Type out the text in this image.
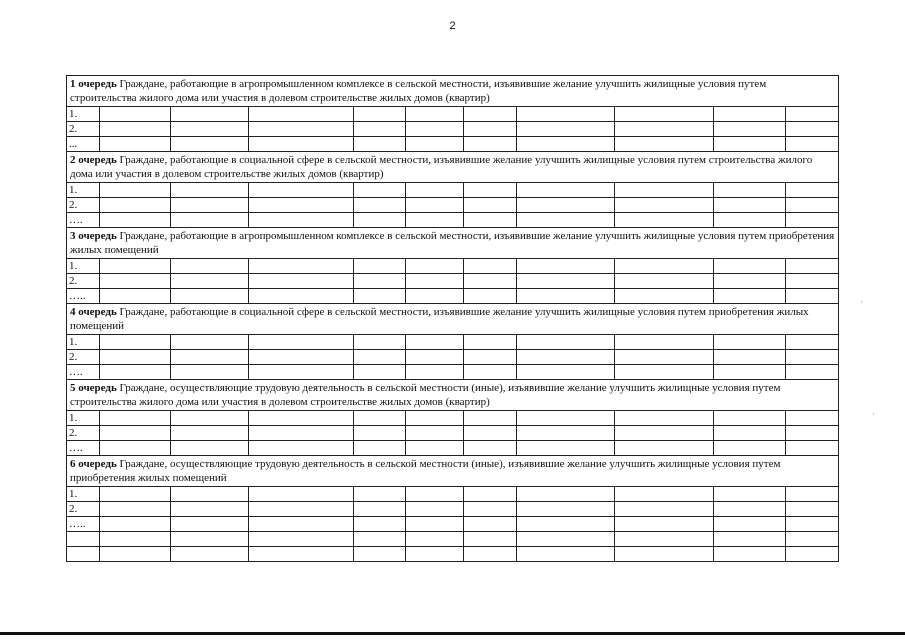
2
1 очередь Граждане, работающие в агропромышленном комплексе в сельской местности, изъявившие желание улучшить жилищные условия путем строительства жилого дома или участия в долевом строительстве жилых домов (квартир)										
1.										
2.										
...										
2 очередь Граждане, работающие в социальной сфере в сельской местности, изъявившие желание улучшить жилищные условия путем строительства жилого дома или участия в долевом строительстве жилых домов (квартир)										
1.										
2.										
….										
3 очередь Граждане, работающие в агропромышленном комплексе в сельской местности, изъявившие желание улучшить жилищные условия путем приобретения жилых помещений										
1.										
2.										
…..										
4 очередь Граждане, работающие в социальной сфере в сельской местности, изъявившие желание улучшить жилищные условия путем приобретения жилых помещений										
1.										
2.										
….										
5 очередь Граждане, осуществляющие трудовую деятельность в сельской местности (иные), изъявившие желание улучшить жилищные условия путем строительства жилого дома или участия в долевом строительстве жилых домов (квартир)										
1.										
2.										
….										
6 очередь Граждане, осуществляющие трудовую деятельность в сельской местности (иные), изъявившие желание улучшить жилищные условия путем приобретения жилых помещений										
1.										
2.										
…..										

·
·
